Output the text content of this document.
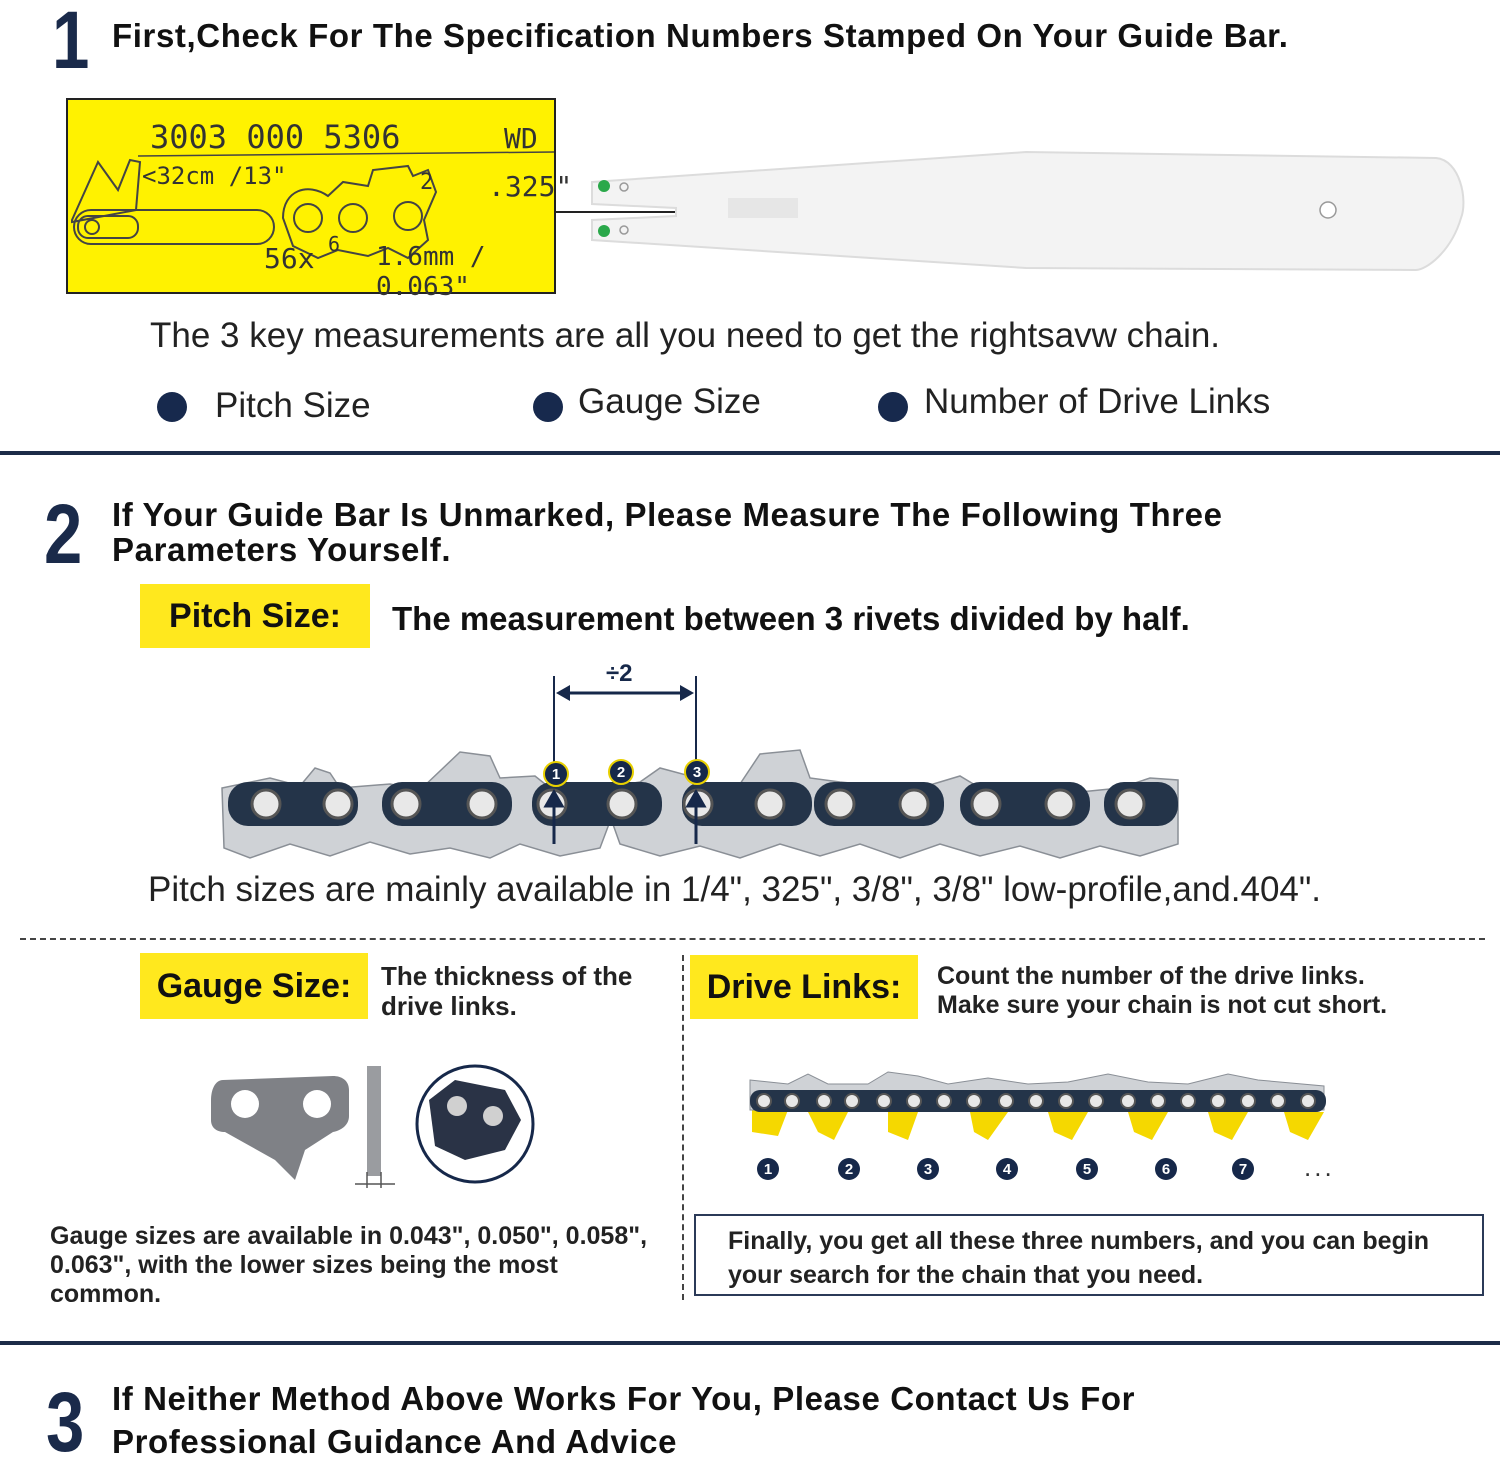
1 First,Check For The Specification Numbers Stamped On Your Guide Bar.
3003 000 5306	WD
<32cm /13"	2 .325"
56x 6 1.6mm / 0.063"
The 3 key measurements are all you need to get the rightsavw chain.
Pitch Size	Gauge Size	Number of Drive Links
2 If Your Guide Bar Is Unmarked, Please Measure The Following Three
Parameters Yourself.
Pitch Size:	The measurement between 3 rivets divided by half.
÷2
1	2	3
Pitch sizes are mainly available in 1/4", 325", 3/8", 3/8" low-profile,and.404".
Gauge Size:	The thickness of the drive links.
Gauge sizes are available in 0.043", 0.050", 0.058", 0.063", with the lower sizes being the most common.
Drive Links:	Count the number of the drive links.
Make sure your chain is not cut short.
1	2	3	4	5	6	7 ...
Finally, you get all these three numbers, and you can begin your search for the chain that you need.
3 If Neither Method Above Works For You, Please Contact Us For
Professional Guidance And Advice
